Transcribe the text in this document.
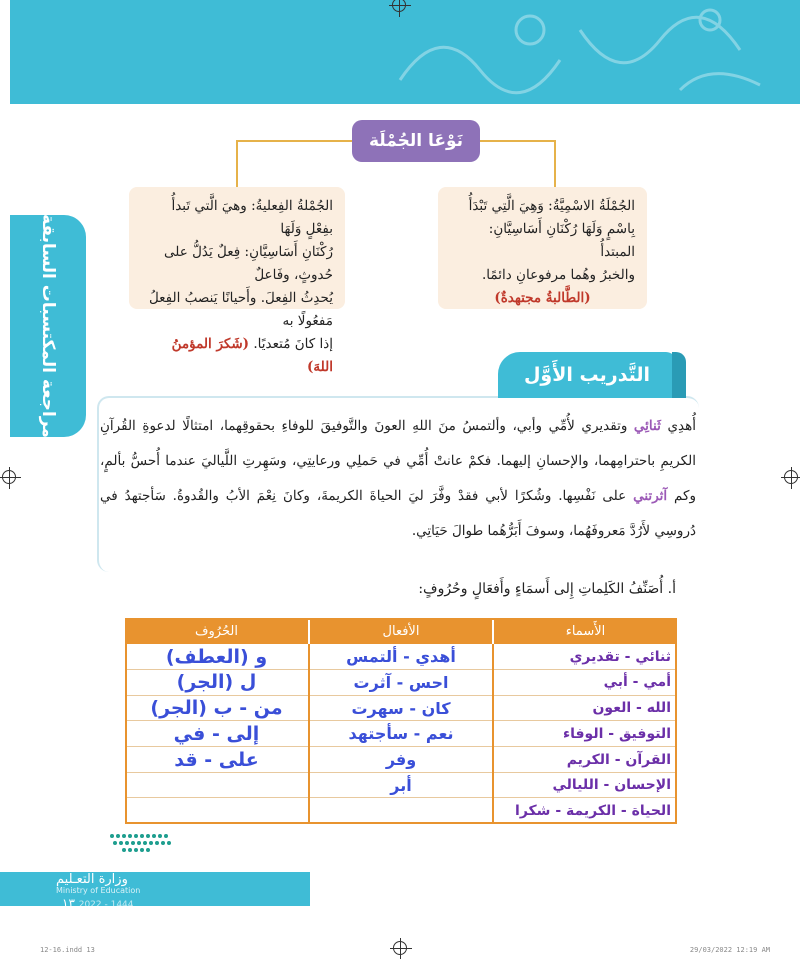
مراجعة المكتسبات السابقة
نَوْعَا الجُمْلَة
الجُمْلَةُ الاسْمِيَّةُ: وَهِيَ الَّتِي تَبْدَأُ
بِاسْمٍ وَلَهَا رُكْنَانِ أَسَاسِيَّانِ: المبتدأُ
والخبرُ وهُما مرفوعانِ دائمًا.
(الطَّالبةُ مجتهدةٌ)
الجُمْلةُ الفِعليةُ: وهيَ الَّتي تَبدأُ بفِعْلٍ وَلَهَا
رُكْنَانِ أَسَاسِيَّانِ: فِعلٌ يَدُلُّ على حُدوثٍ، وفَاعلٌ
يُحدِثُ الفِعلَ. وأَحيانًا يَنصبُ الفِعلُ مَفعُولًا به
إذا كانَ مُتعديًا. (شَكرَ المؤمنُ اللهَ)	التَّدريب الأَوَّل
أُهدِي ثَنائِي وتقديري لأُمِّي وأبي، وألتمسُ منَ اللهِ العونَ والتَّوفيقَ للوفاءِ بحقوقِهما، امتثالًا لدعوةِ القُرآنِ الكريمِ باحترامِهما، والإحسانِ إليهما. فكمْ عانتْ أُمِّي في حَملِي ورعايتِي، وسَهِرتِ اللَّياليَ عندما أُحسُّ بألمٍ، وكم آثرتني على نَفْسِها. وشُكرًا لأبي فقدْ وفَّرَ ليَ الحياةَ الكريمةَ، وكانَ نِعْمَ الأبُ والقُدوةُ. سَأجتهدُ في دُروسِي لأَرُدَّ مَعروفَهُما، وسوفَ أَبَرُّهُما طوالَ حَيَاتِي.
أ. أُصَنِّفُ الكَلِماتِ إِلى أَسمَاءٍ وأَفعَالٍ وحُرُوفٍ:
الأَسماء	الأفعال	الحُرُوف
ثنائي - تقديري	أهدي - ألتمس	و (العطف)
أمي - أبي	احس - آثرت	ل (الجر)
الله - العون	كان - سهرت	من - ب (الجر)
التوفيق - الوفاء	نعم - سأجتهد	إلى - في
القرآن - الكريم	وفر	على - قد
الإحسان - الليالي	أبر	
الحياة - الكريمة - شكرا		
وزارة التعـليم
Ministry of Education
١٣ 2022 - 1444
12-16.indd 13	29/03/2022 12:19 AM
